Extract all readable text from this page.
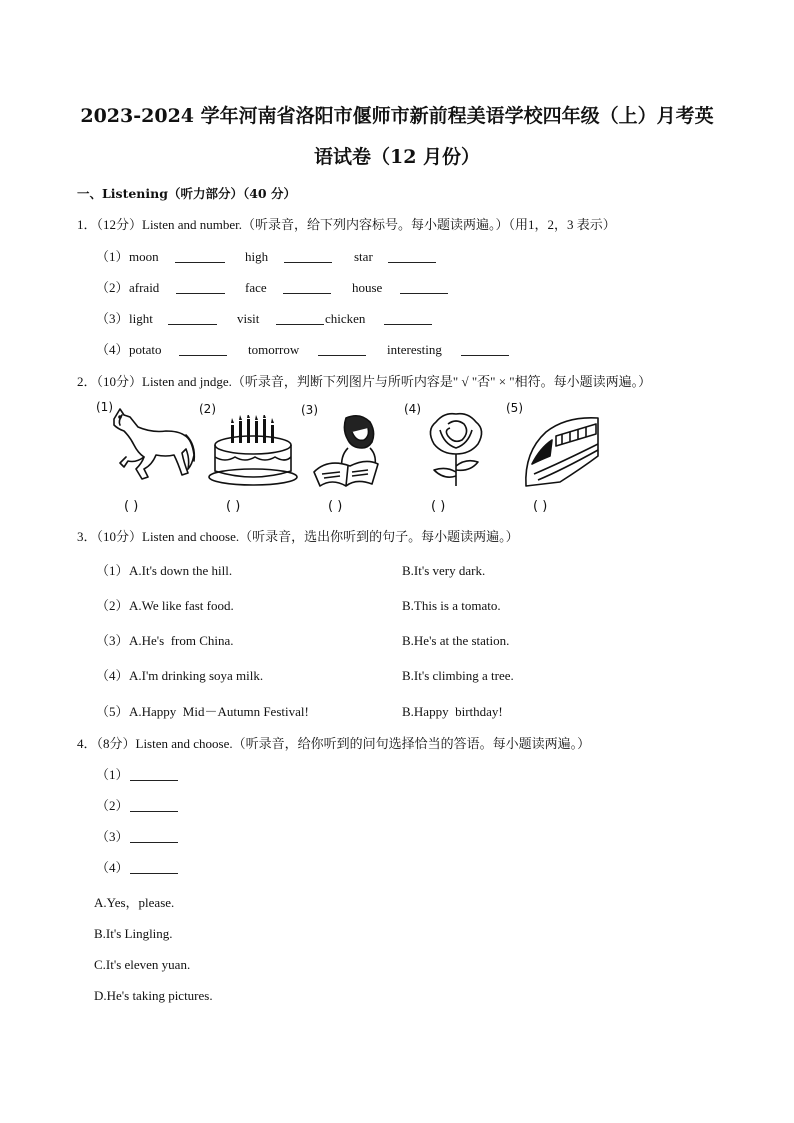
2023-2024 学年河南省洛阳市偃师市新前程美语学校四年级（上）月考英
语试卷（12 月份）
一、Listening（听力部分）（40 分）
1．（12分）Listen and number.（听录音，给下列内容标号。每小题读两遍。）（用1，2，3 表示）
（1） moon	high	star
（2） afraid	face	house
（3） light	visit	chicken
（4） potato	tomorrow	interesting
2．（10分）Listen and jndge.（听录音，判断下列图片与所听内容是" √ "否" × "相符。每小题读两遍。）
(1)	(2)	(3)	(4)	(5)
( )	( )	( )	( )	( )
3．（10分）Listen and choose.（听录音，选出你听到的句子。每小题读两遍。）
（1） A.It's down the hill.	B.It's very dark.
（2） A.We like fast food.	B.This is a tomato.
（3） A.He's  from China.	B.He's at the station.
（4） A.I'm drinking soya milk.	B.It's climbing a tree.
（5） A.Happy  Mid－Autumn Festival!	B.Happy  birthday!
4．（8分）Listen and choose.（听录音，给你听到的问句选择恰当的答语。每小题读两遍。）
（1）
（2）
（3）
（4）
A.Yes，please.
B.It's Lingling.
C.It's eleven yuan.
D.He's taking pictures.
